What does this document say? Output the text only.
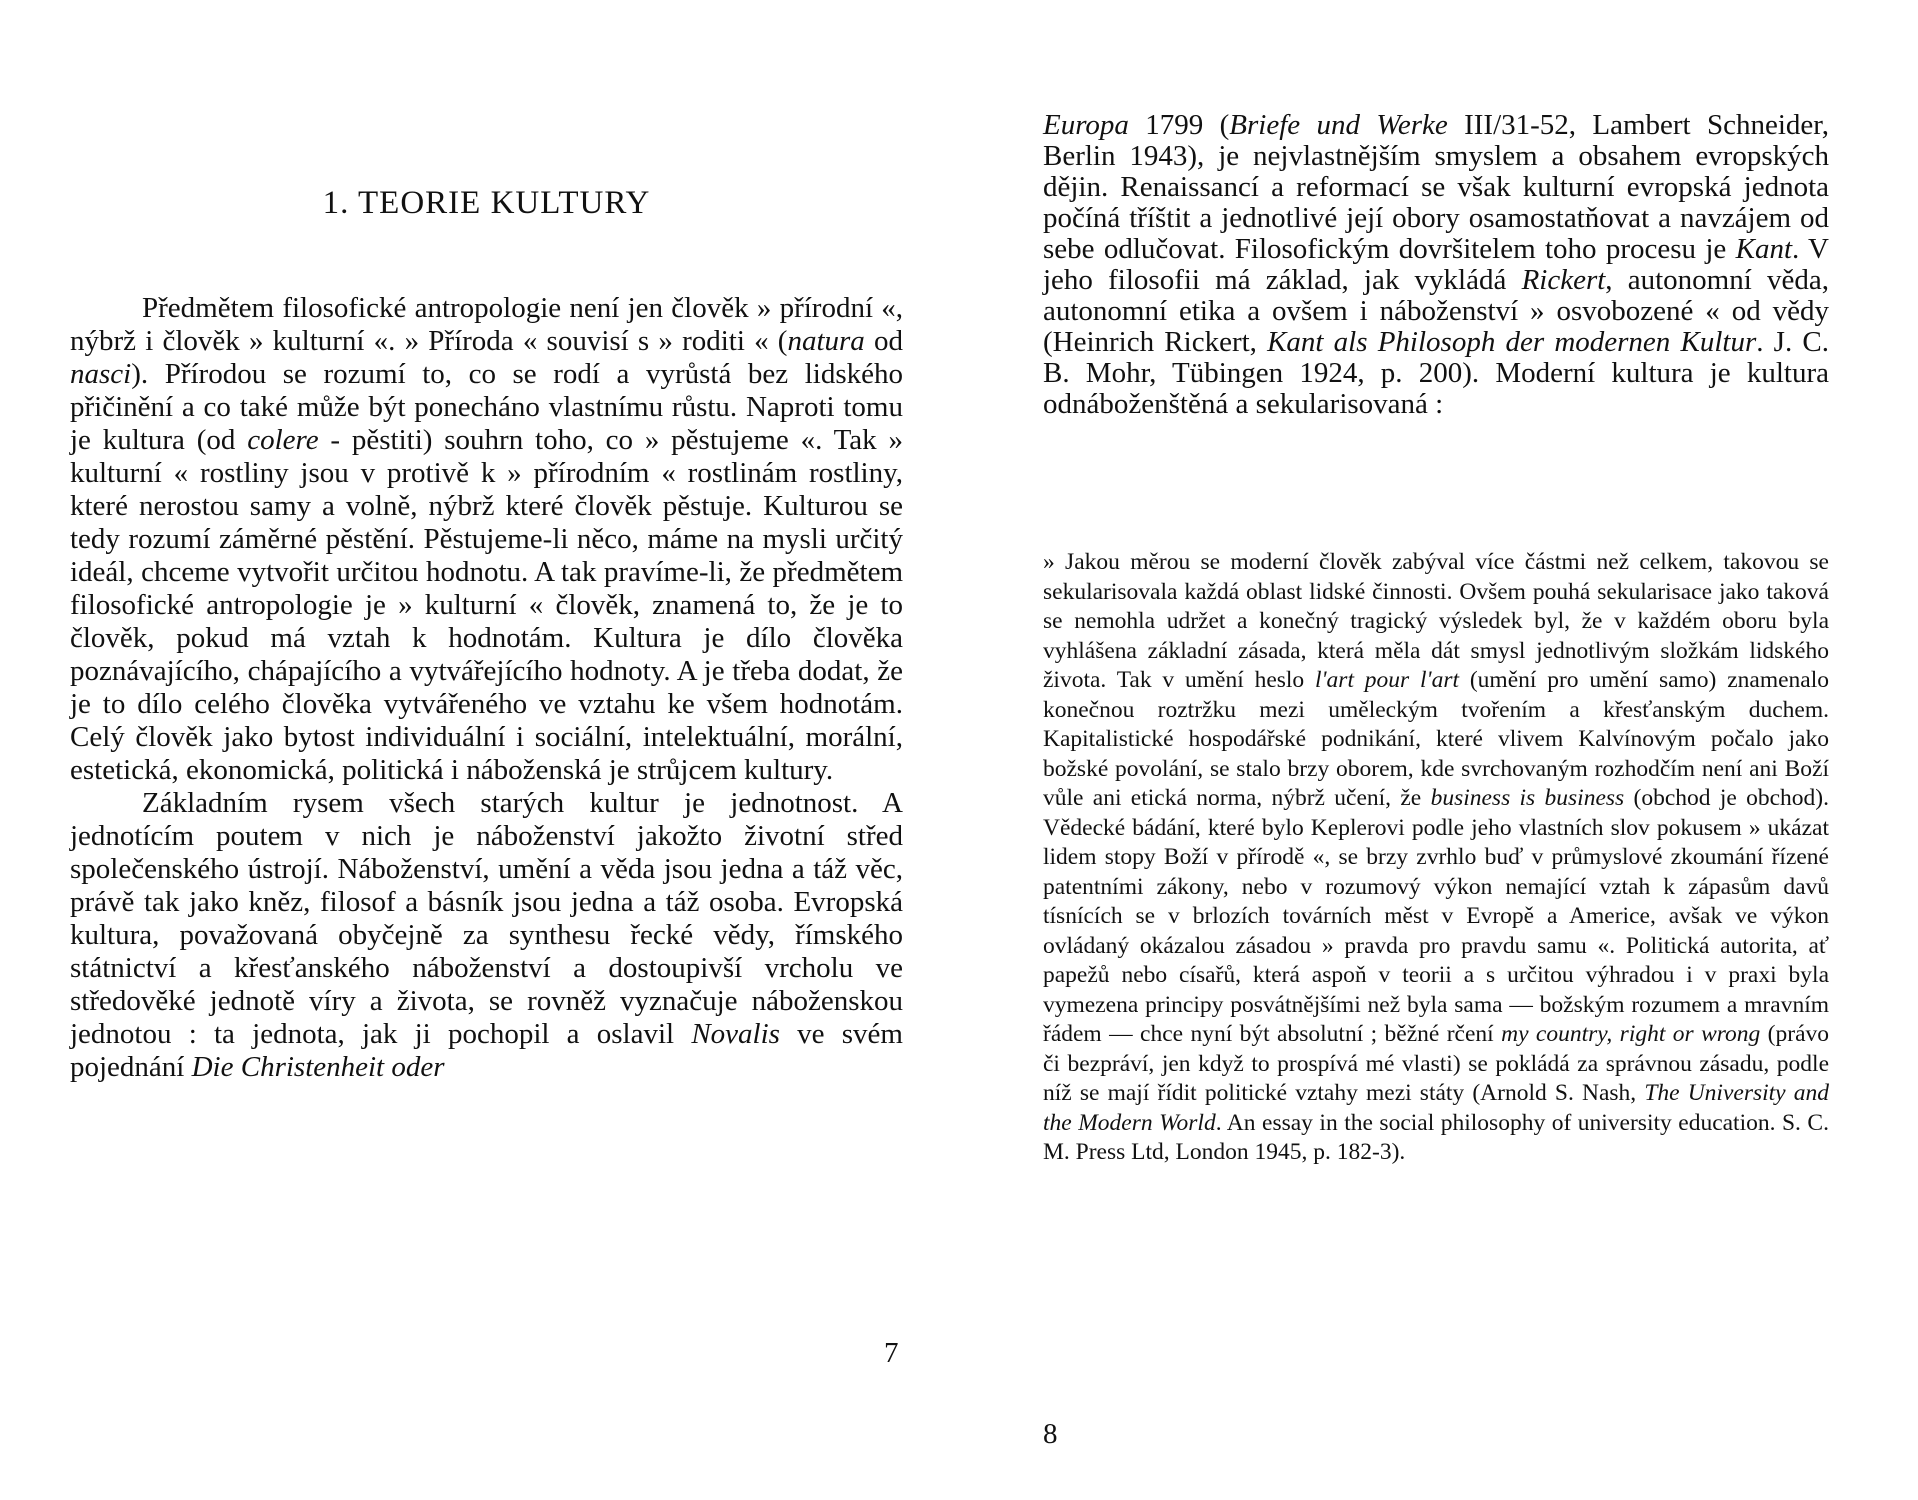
1. TEORIE KULTURY

Předmětem filosofické antropologie není jen člověk » přírodní «, nýbrž i člověk » kulturní «. » Příroda « souvisí s » roditi « (natura od nasci). Přírodou se rozumí to, co se rodí a vyrůstá bez lidského přičinění a co také může být ponecháno vlastnímu růstu. Naproti tomu je kultura (od colere - pěstiti) souhrn toho, co » pěstujeme «. Tak » kulturní « rostliny jsou v protivě k » přírodním « rostlinám rostliny, které nerostou samy a volně, nýbrž které člověk pěstuje. Kulturou se tedy rozumí záměrné pěstění. Pěstujeme-li něco, máme na mysli určitý ideál, chceme vytvořit určitou hodnotu. A tak pravíme-li, že předmětem filosofické antropologie je » kulturní « člověk, znamená to, že je to člověk, pokud má vztah k hodnotám. Kultura je dílo člověka poznávajícího, chápajícího a vytvářejícího hodnoty. A je třeba dodat, že je to dílo celého člověka vytvářeného ve vztahu ke všem hodnotám. Celý člověk jako bytost individuální i sociální, intelektuální, morální, estetická, ekonomická, politická i náboženská je strůjcem kultury.

Základním rysem všech starých kultur je jednotnost. A jednotícím poutem v nich je náboženství jakožto životní střed společenského ústrojí. Náboženství, umění a věda jsou jedna a táž věc, právě tak jako kněz, filosof a básník jsou jedna a táž osoba. Evropská kultura, považovaná obyčejně za synthesu řecké vědy, římského státnictví a křesťanského náboženství a dostoupivší vrcholu ve středověké jednotě víry a života, se rovněž vyznačuje náboženskou jednotou : ta jednota, jak ji pochopil a oslavil Novalis ve svém pojednání Die Christenheit oder

7

Europa 1799 (Briefe und Werke III/31-52, Lambert Schneider, Berlin 1943), je nejvlastnějším smyslem a obsahem evropských dějin. Renaissancí a reformací se však kulturní evropská jednota počíná tříštit a jednotlivé její obory osamostatňovat a navzájem od sebe odlučovat. Filosofickým dovršitelem toho procesu je Kant. V jeho filosofii má základ, jak vykládá Rickert, autonomní věda, autonomní etika a ovšem i náboženství » osvobozené « od vědy (Heinrich Rickert, Kant als Philosoph der modernen Kultur. J. C. B. Mohr, Tübingen 1924, p. 200). Moderní kultura je kultura odnáboženštěná a sekularisovaná :

» Jakou měrou se moderní člověk zabýval více částmi než celkem, takovou se sekularisovala každá oblast lidské činnosti. Ovšem pouhá sekularisace jako taková se nemohla udržet a konečný tragický výsledek byl, že v každém oboru byla vyhlášena základní zásada, která měla dát smysl jednotlivým složkám lidského života. Tak v umění heslo l'art pour l'art (umění pro umění samo) znamenalo konečnou roztržku mezi uměleckým tvořením a křesťanským duchem. Kapitalistické hospodářské podnikání, které vlivem Kalvínovým počalo jako božské povolání, se stalo brzy oborem, kde svrchovaným rozhodčím není ani Boží vůle ani etická norma, nýbrž učení, že business is business (obchod je obchod). Vědecké bádání, které bylo Keplerovi podle jeho vlastních slov pokusem » ukázat lidem stopy Boží v přírodě «, se brzy zvrhlo buď v průmyslové zkoumání řízené patentními zákony, nebo v rozumový výkon nemající vztah k zápasům davů tísnících se v brlozích továrních měst v Evropě a Americe, avšak ve výkon ovládaný okázalou zásadou » pravda pro pravdu samu «. Politická autorita, ať papežů nebo císařů, která aspoň v teorii a s určitou výhradou i v praxi byla vymezena principy posvátnějšími než byla sama — božským rozumem a mravním řádem — chce nyní být absolutní ; běžné rčení my country, right or wrong (právo či bezpráví, jen když to prospívá mé vlasti) se pokládá za správnou zásadu, podle níž se mají řídit politické vztahy mezi státy (Arnold S. Nash, The University and the Modern World. An essay in the social philosophy of university education. S. C. M. Press Ltd, London 1945, p. 182-3).

8
